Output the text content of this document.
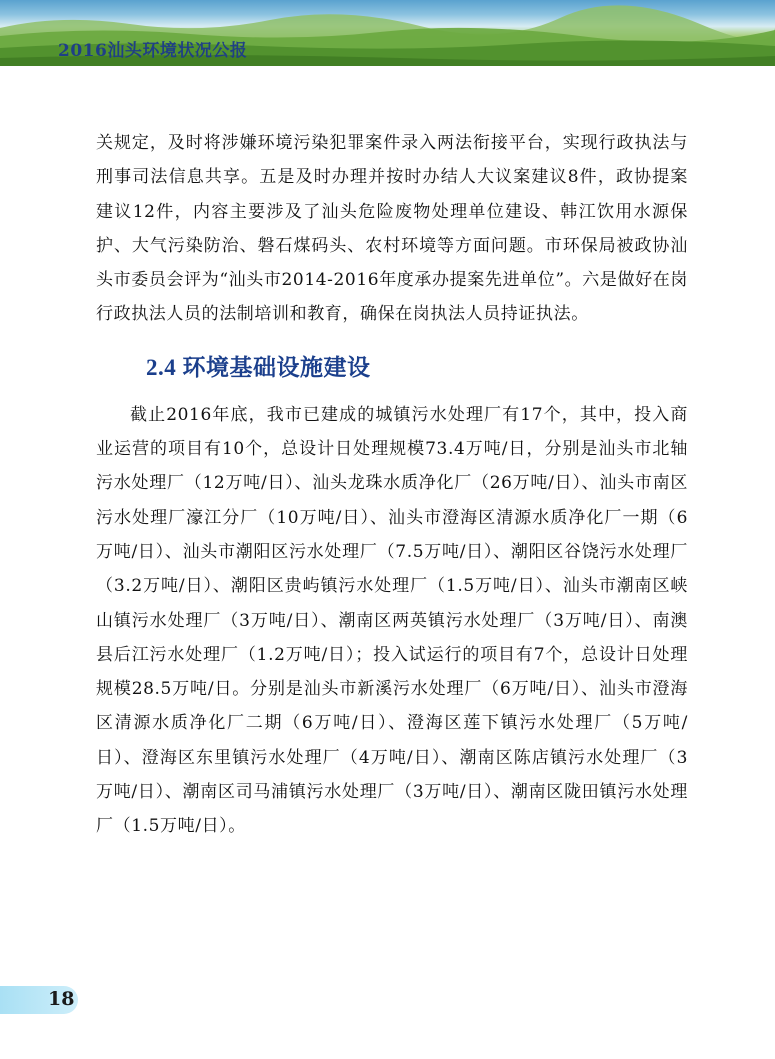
2016汕头环境状况公报

关规定，及时将涉嫌环境污染犯罪案件录入两法衔接平台，实现行政执法与刑事司法信息共享。五是及时办理并按时办结人大议案建议8件，政协提案建议12件，内容主要涉及了汕头危险废物处理单位建设、韩江饮用水源保护、大气污染防治、磐石煤码头、农村环境等方面问题。市环保局被政协汕头市委员会评为“汕头市2014-2016年度承办提案先进单位”。六是做好在岗行政执法人员的法制培训和教育，确保在岗执法人员持证执法。

2.4 环境基础设施建设

截止2016年底，我市已建成的城镇污水处理厂有17个，其中，投入商业运营的项目有10个，总设计日处理规模73.4万吨/日，分别是汕头市北轴污水处理厂（12万吨/日）、汕头龙珠水质净化厂（26万吨/日）、汕头市南区污水处理厂濠江分厂（10万吨/日）、汕头市澄海区清源水质净化厂一期（6万吨/日）、汕头市潮阳区污水处理厂（7.5万吨/日）、潮阳区谷饶污水处理厂（3.2万吨/日）、潮阳区贵屿镇污水处理厂（1.5万吨/日）、汕头市潮南区峡山镇污水处理厂（3万吨/日）、潮南区两英镇污水处理厂（3万吨/日）、南澳县后江污水处理厂（1.2万吨/日）；投入试运行的项目有7个，总设计日处理规模28.5万吨/日。分别是汕头市新溪污水处理厂（6万吨/日）、汕头市澄海区清源水质净化厂二期（6万吨/日）、澄海区莲下镇污水处理厂（5万吨/日）、澄海区东里镇污水处理厂（4万吨/日）、潮南区陈店镇污水处理厂（3万吨/日）、潮南区司马浦镇污水处理厂（3万吨/日）、潮南区陇田镇污水处理厂（1.5万吨/日）。

18
